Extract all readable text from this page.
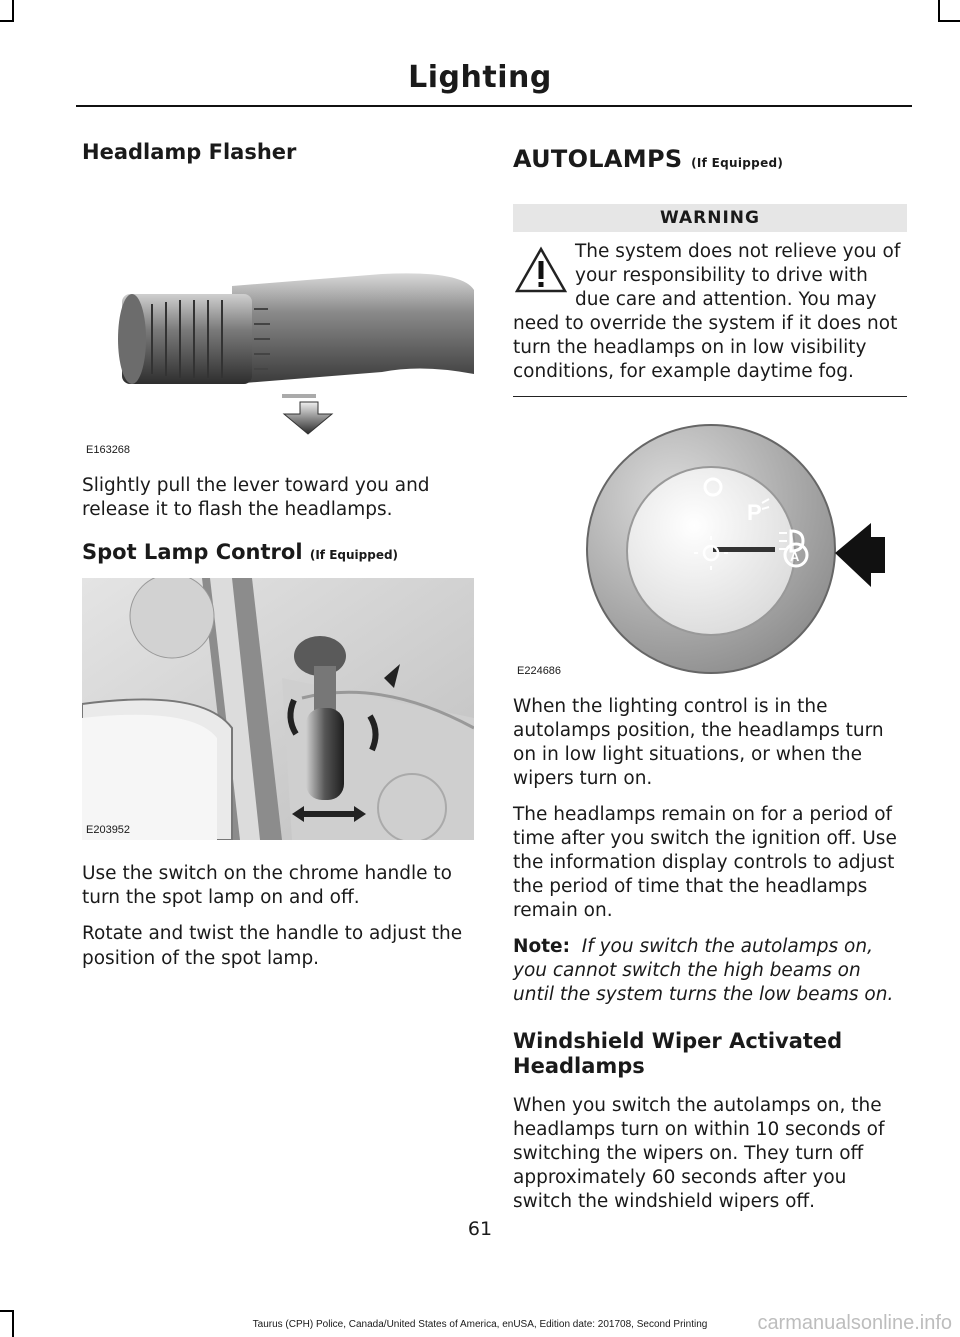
Lighting
Headlamp Flasher
E163268

Slightly pull the lever toward you and release it to flash the headlamps.

Spot Lamp Control (If Equipped)
E203952

Use the switch on the chrome handle to turn the spot lamp on and off.

Rotate and twist the handle to adjust the position of the spot lamp.

AUTOLAMPS (If Equipped)
WARNING
The system does not relieve you of your responsibility to drive with due care and attention. You may need to override the system if it does not turn the headlamps on in low visibility conditions, for example daytime fog.
P
A
E224686

When the lighting control is in the autolamps position, the headlamps turn on in low light situations, or when the wipers turn on.

The headlamps remain on for a period of time after you switch the ignition off. Use the information display controls to adjust the period of time that the headlamps remain on.

Note: If you switch the autolamps on, you cannot switch the high beams on until the system turns the low beams on.

Windshield Wiper Activated Headlamps

When you switch the autolamps on, the headlamps turn on within 10 seconds of switching the wipers on. They turn off approximately 60 seconds after you switch the windshield wipers off.

61
Taurus (CPH) Police, Canada/United States of America, enUSA, Edition date: 201708, Second Printing	carmanualsonline.info
